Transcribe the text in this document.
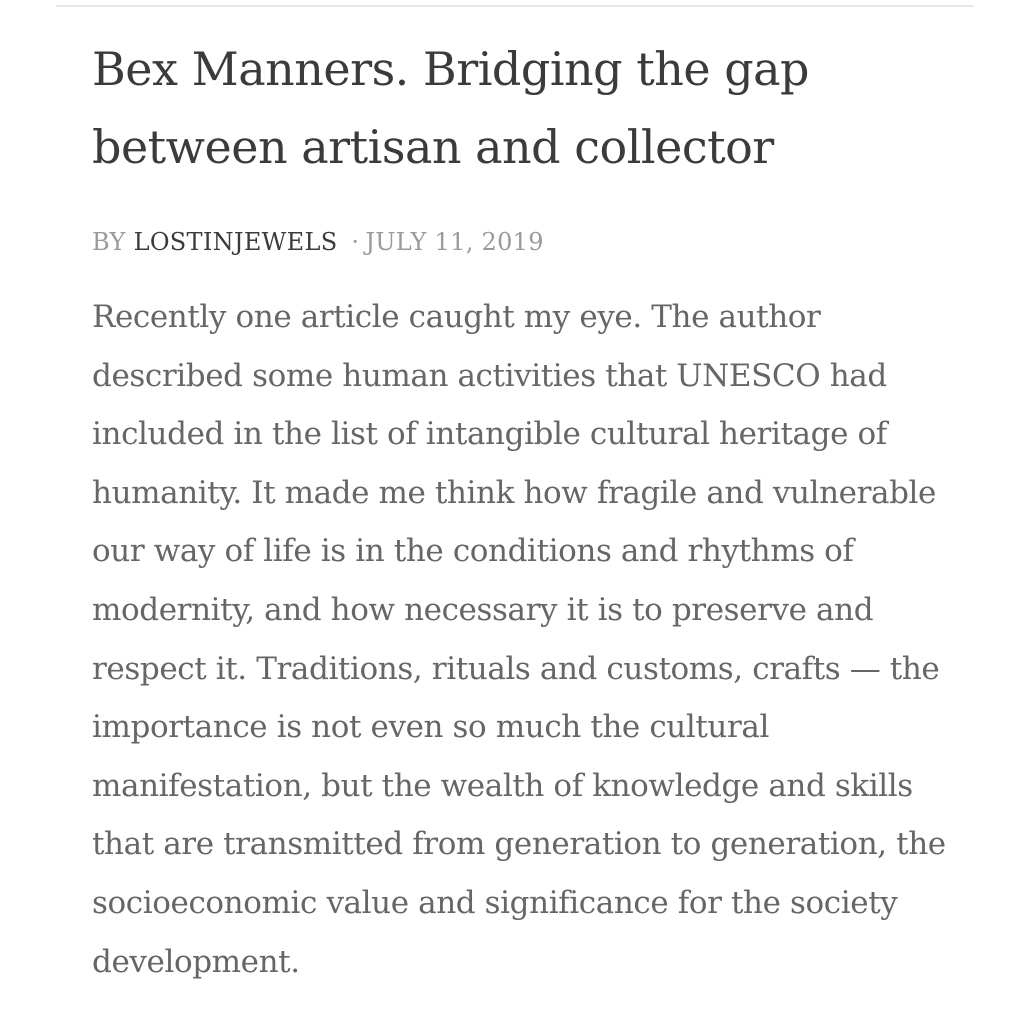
Bex Manners. Bridging the gap between artisan and collector
BY LOSTINJEWELS · JULY 11, 2019

Recently one article caught my eye. The author described some human activities that UNESCO had included in the list of intangible cultural heritage of humanity. It made me think how fragile and vulnerable our way of life is in the conditions and rhythms of modernity, and how necessary it is to preserve and respect it. Traditions, rituals and customs, crafts — the importance is not even so much the cultural manifestation, but the wealth of knowledge and skills that are transmitted from generation to generation, the socioeconomic value and significance for the society development.
